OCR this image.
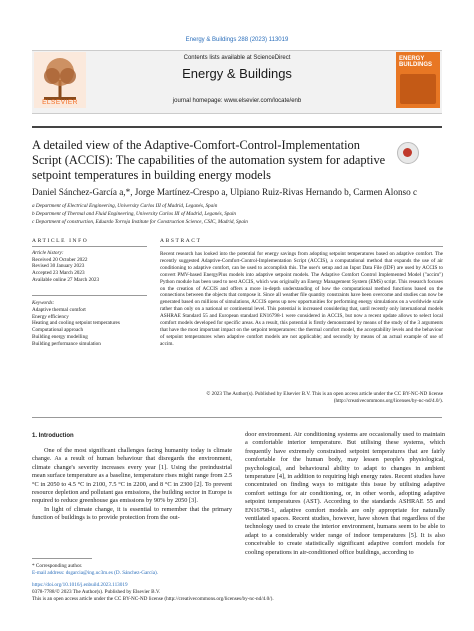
Energy & Buildings 288 (2023) 113019
ELSEVIER
Contents lists available at ScienceDirect
Energy & Buildings
journal homepage: www.elsevier.com/locate/enb
ENERGY BUILDINGS
A detailed view of the Adaptive-Comfort-Control-Implementation Script (ACCIS): The capabilities of the automation system for adaptive setpoint temperatures in building energy models
Daniel Sánchez-García a,*, Jorge Martínez-Crespo a, Ulpiano Ruiz-Rivas Hernando b, Carmen Alonso c
a Department of Electrical Engineering, University Carlos III of Madrid, Leganés, Spain
b Department of Thermal and Fluid Engineering, University Carlos III of Madrid, Leganés, Spain
c Department of construction, Eduardo Torroja Institute for Construction Science, CSIC, Madrid, Spain
ARTICLE INFO
Article history:
Received 20 October 2022
Revised 30 January 2023
Accepted 23 March 2023
Available online 27 March 2023
Keywords:
Adaptive thermal comfort
Energy efficiency
Heating and cooling setpoint temperatures
Computational approach
Building energy modelling
Building performance simulation
ABSTRACT
Recent research has looked into the potential for energy savings from adopting setpoint temperatures based on adaptive comfort. The recently suggested Adaptive-Comfort-Control-Implementation Script (ACCIS), a computational method that expands the use of air conditioning to adaptive comfort, can be used to accomplish this. The user's setup and an Input Data File (IDF) are used by ACCIS to convert PMV-based EnergyPlus models into adaptive setpoint models. The Adaptive Comfort Control Implemented Model ("accim") Python module has been used to nest ACCIS, which was originally an Energy Management System (EMS) script. This research focuses on the creation of ACCIS and offers a more in-depth understanding of how the computational method functions based on the connections between the objects that compose it. Since all weather file quantity constraints have been overcome and studies can now be generated based on millions of simulations, ACCIS opens up new opportunities for performing energy simulations on a worldwide scale rather than only on a national or continental level. This potential is increased considering that, until recently only international models ASHRAE Standard 55 and European standard EN16798-1 were considered in ACCIS, but now a recent update allows to select local comfort models developed for specific areas. As a result, this potential is firstly demonstrated by means of the study of the 3 arguments that have the most important impact on the setpoint temperatures: the thermal comfort model, the acceptability levels and the behaviour of setpoint temperatures when adaptive comfort models are not applicable; and secondly by means of an actual example of use of accim.
© 2023 The Author(s). Published by Elsevier B.V. This is an open access article under the CC BY-NC-ND license (http://creativecommons.org/licenses/by-nc-nd/4.0/).
1. Introduction

One of the most significant challenges facing humanity today is climate change. As a result of human behaviour that disregards the environment, climate change's severity increases every year [1]. Using the preindustrial mean surface temperature as a baseline, temperature rises might range from 2.5 °C in 2050 to 4.5 °C in 2100, 7.5 °C in 2200, and 8 °C in 2300 [2]. To prevent resource depletion and pollutant gas emissions, the building sector in Europe is required to reduce greenhouse gas emissions by 90% by 2050 [3].

In light of climate change, it is essential to remember that the primary function of buildings is to provide protection from the out-

door environment. Air conditioning systems are occasionally used to maintain a comfortable interior temperature. But utilising these systems, which frequently have extremely constrained setpoint temperatures that are fairly comfortable for the human body, may lessen people's physiological, psychological, and behavioural ability to adapt to changes in ambient temperature [4], in addition to requiring high energy rates. Recent studies have concentrated on finding ways to mitigate this issue by utilising adaptive comfort settings for air conditioning, or, in other words, adopting adaptive setpoint temperatures (AST). According to the standards ASHRAE 55 and EN16798-1, adaptive comfort models are only appropriate for naturally ventilated spaces. Recent studies, however, have shown that regardless of the technology used to create the interior environment, humans seem to be able to adapt to a considerably wider range of indoor temperatures [5]. It is also conceivable to create statistically significant adaptive comfort models for cooling operations in air-conditioned office buildings, according to

* Corresponding author.
E-mail address: dsgarcia@ing.uc3m.es (D. Sánchez-García).
https://doi.org/10.1016/j.enbuild.2023.113019
0378-7788/© 2023 The Author(s). Published by Elsevier B.V.
This is an open access article under the CC BY-NC-ND license (http://creativecommons.org/licenses/by-nc-nd/4.0/).
